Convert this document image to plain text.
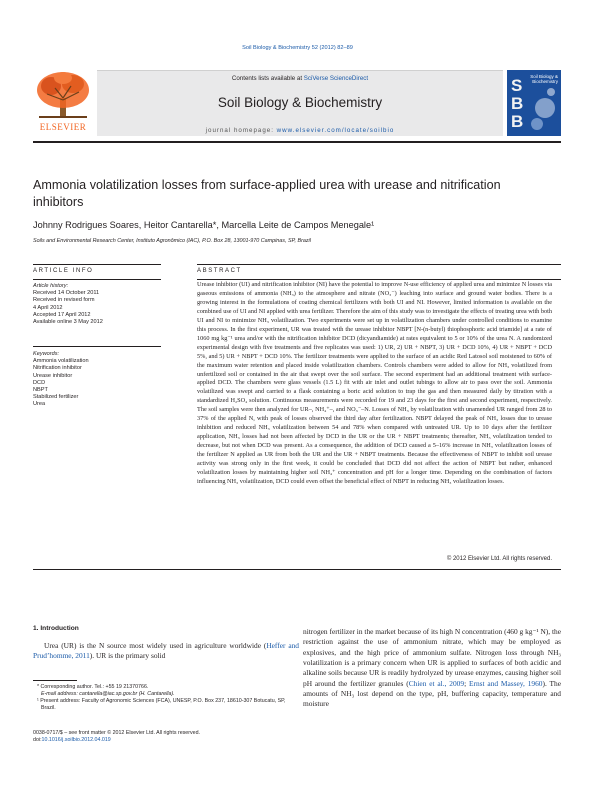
Soil Biology & Biochemistry 52 (2012) 82–89
ELSEVIER
Contents lists available at SciVerse ScienceDirect
Soil Biology & Biochemistry
journal homepage: www.elsevier.com/locate/soilbio
Soil Biology & Biochemistry
S
B
B
Ammonia volatilization losses from surface-applied urea with urease and nitrification inhibitors
Johnny Rodrigues Soares, Heitor Cantarella*, Marcella Leite de Campos Menegale¹
Soils and Environmental Research Center, Instituto Agronômico (IAC), P.O. Box 28, 13001-970 Campinas, SP, Brazil
ARTICLE INFO
Article history:
Received 14 October 2011
Received in revised form
4 April 2012
Accepted 17 April 2012
Available online 3 May 2012
Keywords:
Ammonia volatilization
Nitrification inhibitor
Urease inhibitor
DCD
NBPT
Stabilized fertilizer
Urea
ABSTRACT
Urease inhibitor (UI) and nitrification inhibitor (NI) have the potential to improve N-use efficiency of applied urea and minimize N losses via gaseous emissions of ammonia (NH₃) to the atmosphere and nitrate (NO₃⁻) leaching into surface and ground water bodies. There is a growing interest in the formulations of coating chemical fertilizers with both UI and NI. However, limited information is available on the combined use of UI and NI applied with urea fertilizer. Therefore the aim of this study was to investigate the effects of treating urea with both UI and NI to minimize NH₃ volatilization. Two experiments were set up in volatilization chambers under controlled conditions to examine this process. In the first experiment, UR was treated with the urease inhibitor NBPT [N-(n-butyl) thiophosphoric acid triamide] at a rate of 1060 mg kg⁻¹ urea and/or with the nitrification inhibitor DCD (dicyandiamide) at rates equivalent to 5 or 10% of the urea N. A randomized experimental design with five treatments and five replicates was used: 1) UR, 2) UR + NBPT, 3) UR + DCD 10%, 4) UR + NBPT + DCD 5%, and 5) UR + NBPT + DCD 10%. The fertilizer treatments were applied to the surface of an acidic Red Latosol soil moistened to 60% of the maximum water retention and placed inside volatilization chambers. Controls chambers were added to allow for NH₃ volatilized from unfertilized soil or contained in the air that swept over the soil surface. The second experiment had an additional treatment with surface-applied DCD. The chambers were glass vessels (1.5 L) fit with air inlet and outlet tubings to allow air to pass over the soil. Ammonia volatilized was swept and carried to a flask containing a boric acid solution to trap the gas and then measured daily by titration with a standardized H₂SO₄ solution. Continuous measurements were recorded for 19 and 23 days for the first and second experiment, respectively. The soil samples were then analyzed for UR–, NH₄⁺–, and NO₃⁻–N. Losses of NH₃ by volatilization with unamended UR ranged from 28 to 37% of the applied N, with peak of losses observed the third day after fertilization. NBPT delayed the peak of NH₃ losses due to urease inhibition and reduced NH₃ volatilization between 54 and 78% when compared with untreated UR. Up to 10 days after the fertilizer application, NH₃ losses had not been affected by DCD in the UR or the UR + NBPT treatments; thereafter, NH₃ volatilization tended to decrease, but not when DCD was present. As a consequence, the addition of DCD caused a 5–16% increase in NH₃ volatilization losses of the fertilizer N applied as UR from both the UR and the UR + NBPT treatments. Because the effectiveness of NBPT to inhibit soil urease activity was strong only in the first week, it could be concluded that DCD did not affect the action of NBPT but rather, enhanced volatilization losses by maintaining higher soil NH₄⁺ concentration and pH for a longer time. Depending on the combination of factors influencing NH₃ volatilization, DCD could even offset the beneficial effect of NBPT in reducing NH₃ volatilization losses.
© 2012 Elsevier Ltd. All rights reserved.
1. Introduction
Urea (UR) is the N source most widely used in agriculture worldwide (Heffer and Prud’homme, 2011). UR is the primary solid
nitrogen fertilizer in the market because of its high N concentration (460 g kg⁻¹ N), the restriction against the use of ammonium nitrate, which may be employed as explosives, and the high price of ammonium sulfate. Nitrogen loss through NH₃ volatilization is a primary concern when UR is applied to surfaces of both acidic and alkaline soils because UR is readily hydrolyzed by urease enzymes, causing higher soil pH around the fertilizer granules (Chien et al., 2009; Ernst and Massey, 1960). The amounts of NH₃ lost depend on the type, pH, buffering capacity, temperature and moisture
* Corresponding author. Tel.: +55 19 21370766.
E-mail address: cantarella@iac.sp.gov.br (H. Cantarella).
¹ Present address: Faculty of Agronomic Sciences (FCA), UNESP, P.O. Box 237, 18610-307 Botucatu, SP, Brazil.
0038-0717/$ – see front matter © 2012 Elsevier Ltd. All rights reserved.
doi:10.1016/j.soilbio.2012.04.019
